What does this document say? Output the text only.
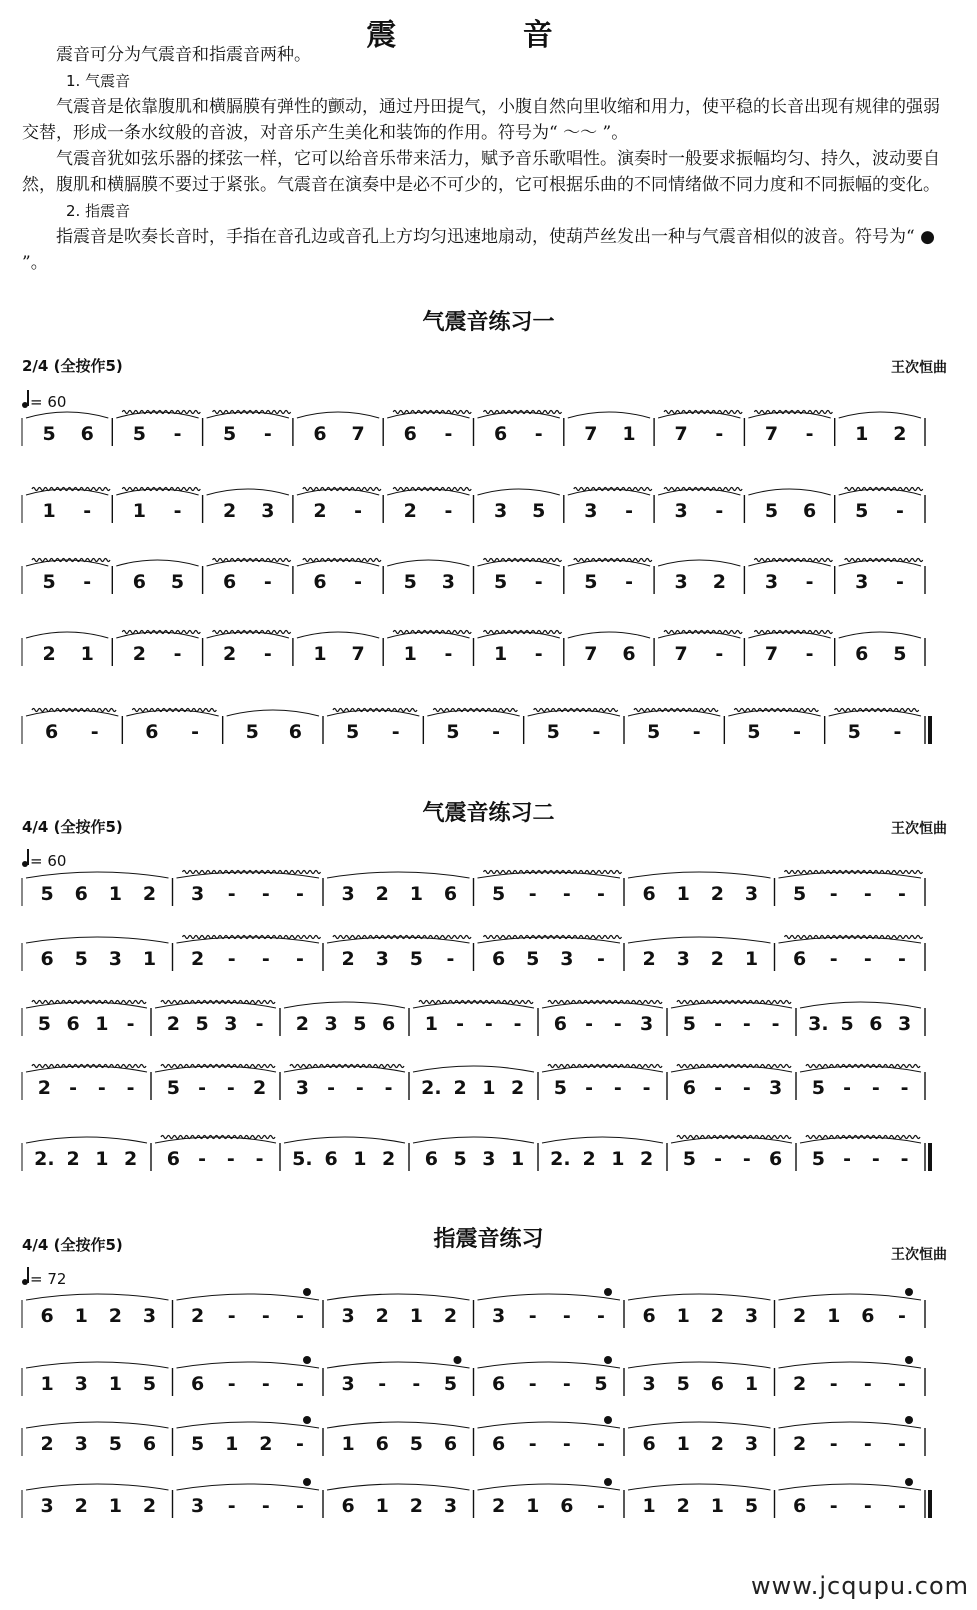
震 音

震音可分为气震音和指震音两种。

1. 气震音

气震音是依靠腹肌和横膈膜有弹性的颤动，通过丹田提气，小腹自然向里收缩和用力，使平稳的长音出现有规律的强弱交替，形成一条水纹般的音波，对音乐产生美化和装饰的作用。符号为“ ～～ ”。

气震音犹如弦乐器的揉弦一样，它可以给音乐带来活力，赋予音乐歌唱性。演奏时一般要求振幅均匀、持久，波动要自然，腹肌和横膈膜不要过于紧张。气震音在演奏中是必不可少的，它可根据乐曲的不同情绪做不同力度和不同振幅的变化。

2. 指震音

指震音是吹奏长音时，手指在音孔边或音孔上方均匀迅速地扇动，使葫芦丝发出一种与气震音相似的波音。符号为“ ● ”。

气震音练习一
2/4 (全按作5)	王次恒曲
= 60
气震音练习二
4/4 (全按作5)	王次恒曲
= 60
指震音练习
4/4 (全按作5)
王次恒曲
= 72
5 6 5 - 5 - 6 7 6 - 6 - 7 1 7 - 7 - 1 2
1 - 1 - 2 3 2 - 2 - 3 5 3 - 3 - 5 6 5 -
5 - 6 5 6 - 6 - 5 3 5 - 5 - 3 2 3 - 3 -
2 1 2 - 2 - 1 7 1 - 1 - 7 6 7 - 7 - 6 5
6 - 6 - 5 6 5 - 5 - 5 - 5 - 5 - 5 -
5 6 1 2 3 - - - 3 2 1 6 5 - - - 6 1 2 3 5 - - -
6 5 3 1 2 - - - 2 3 5 - 6 5 3 - 2 3 2 1 6 - - -
5 6 1 - 2 5 3 - 2 3 5 6 1 - - - 6 - - 3 5 - - - 3. 5 6 3
2 - - - 5 - - 2 3 - - - 2. 2 1 2 5 - - - 6 - - 3 5 - - -
2. 2 1 2 6 - - - 5. 6 1 2 6 5 3 1 2. 2 1 2 5 - - 6 5 - - -
6 1 2 3 2 - - - 3 2 1 2 3 - - - 6 1 2 3 2 1 6 -
1 3 1 5 6 - - - 3 - - 5 6 - - 5 3 5 6 1 2 - - -
2 3 5 6 5 1 2 - 1 6 5 6 6 - - - 6 1 2 3 2 - - -
3 2 1 2 3 - - - 6 1 2 3 2 1 6 - 1 2 1 5 6 - - -
www.jcqupu.com
